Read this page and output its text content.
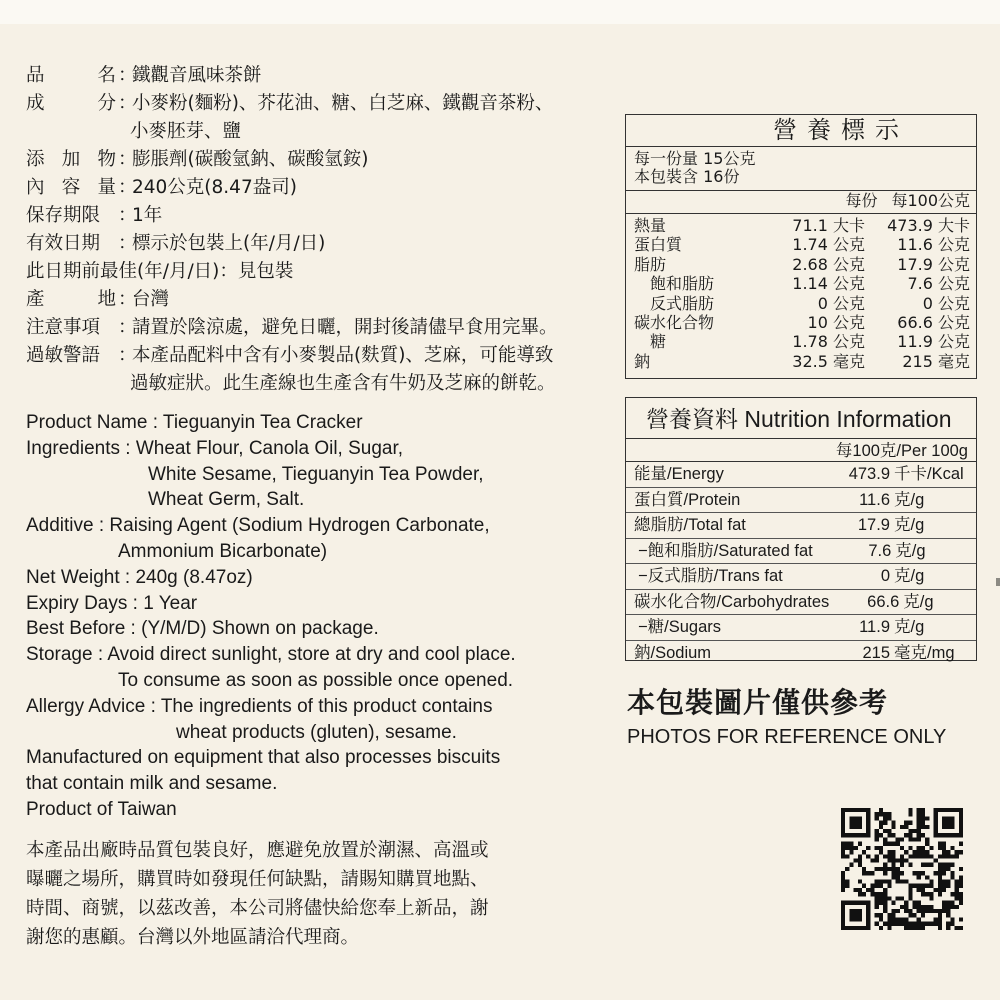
品	名 ：
鐵觀音風味茶餅
成	分 ：
小麥粉(麵粉)、芥花油、糖、白芝麻、鐵觀音茶粉、
小麥胚芽、鹽
添 加 物 ：
膨脹劑(碳酸氫鈉、碳酸氫銨)
內 容 量 ：
240公克(8.47盎司)
保存期限 ：
1年
有效日期 ：
標示於包裝上(年/月/日)
此日期前最佳(年/月/日)：見包裝
產	地 ：
台灣
注意事項 ：
請置於陰涼處，避免日曬，開封後請儘早食用完畢。
過敏警語 ：
本產品配料中含有小麥製品(麩質)、芝麻，可能導致
過敏症狀。此生產線也生產含有牛奶及芝麻的餅乾。
Product Name : Tieguanyin Tea Cracker
Ingredients : Wheat Flour, Canola Oil, Sugar,
White Sesame, Tieguanyin Tea Powder,
Wheat Germ, Salt.
Additive : Raising Agent (Sodium Hydrogen Carbonate,
Ammonium Bicarbonate)
Net Weight : 240g (8.47oz)
Expiry Days : 1 Year
Best Before : (Y/M/D) Shown on package.
Storage : Avoid direct sunlight, store at dry and cool place.
To consume as soon as possible once opened.
Allergy Advice : The ingredients of this product contains
wheat products (gluten), sesame.
Manufactured on equipment that also processes biscuits
that contain milk and sesame.
Product of Taiwan
本產品出廠時品質包裝良好，應避免放置於潮濕、高溫或
曝曬之場所，購買時如發現任何缺點，請賜知購買地點、
時間、商號，以茲改善，本公司將儘快給您奉上新品，謝
謝您的惠顧。台灣以外地區請洽代理商。
營養標示
每一份量 15公克
本包裝含 16份
每份 每100公克
熱量	71.1 大卡	473.9 大卡
蛋白質	1.74 公克	11.6 公克
脂肪	2.68 公克	17.9 公克
飽和脂肪	1.14 公克	7.6 公克
反式脂肪	0 公克	0 公克
碳水化合物	10 公克	66.6 公克
糖	1.78 公克	11.9 公克
鈉	32.5 毫克	215 毫克
營養資料 Nutrition Information
每100克/Per 100g
能量/Energy	473.9 千卡/Kcal
蛋白質/Protein	11.6 克/g
總脂肪/Total fat	17.9 克/g
−飽和脂肪/Saturated fat	7.6 克/g
−反式脂肪/Trans fat	0 克/g
碳水化合物/Carbohydrates	66.6 克/g
−糖/Sugars	11.9 克/g
鈉/Sodium	215 毫克/mg
本包裝圖片僅供參考
PHOTOS FOR REFERENCE ONLY
